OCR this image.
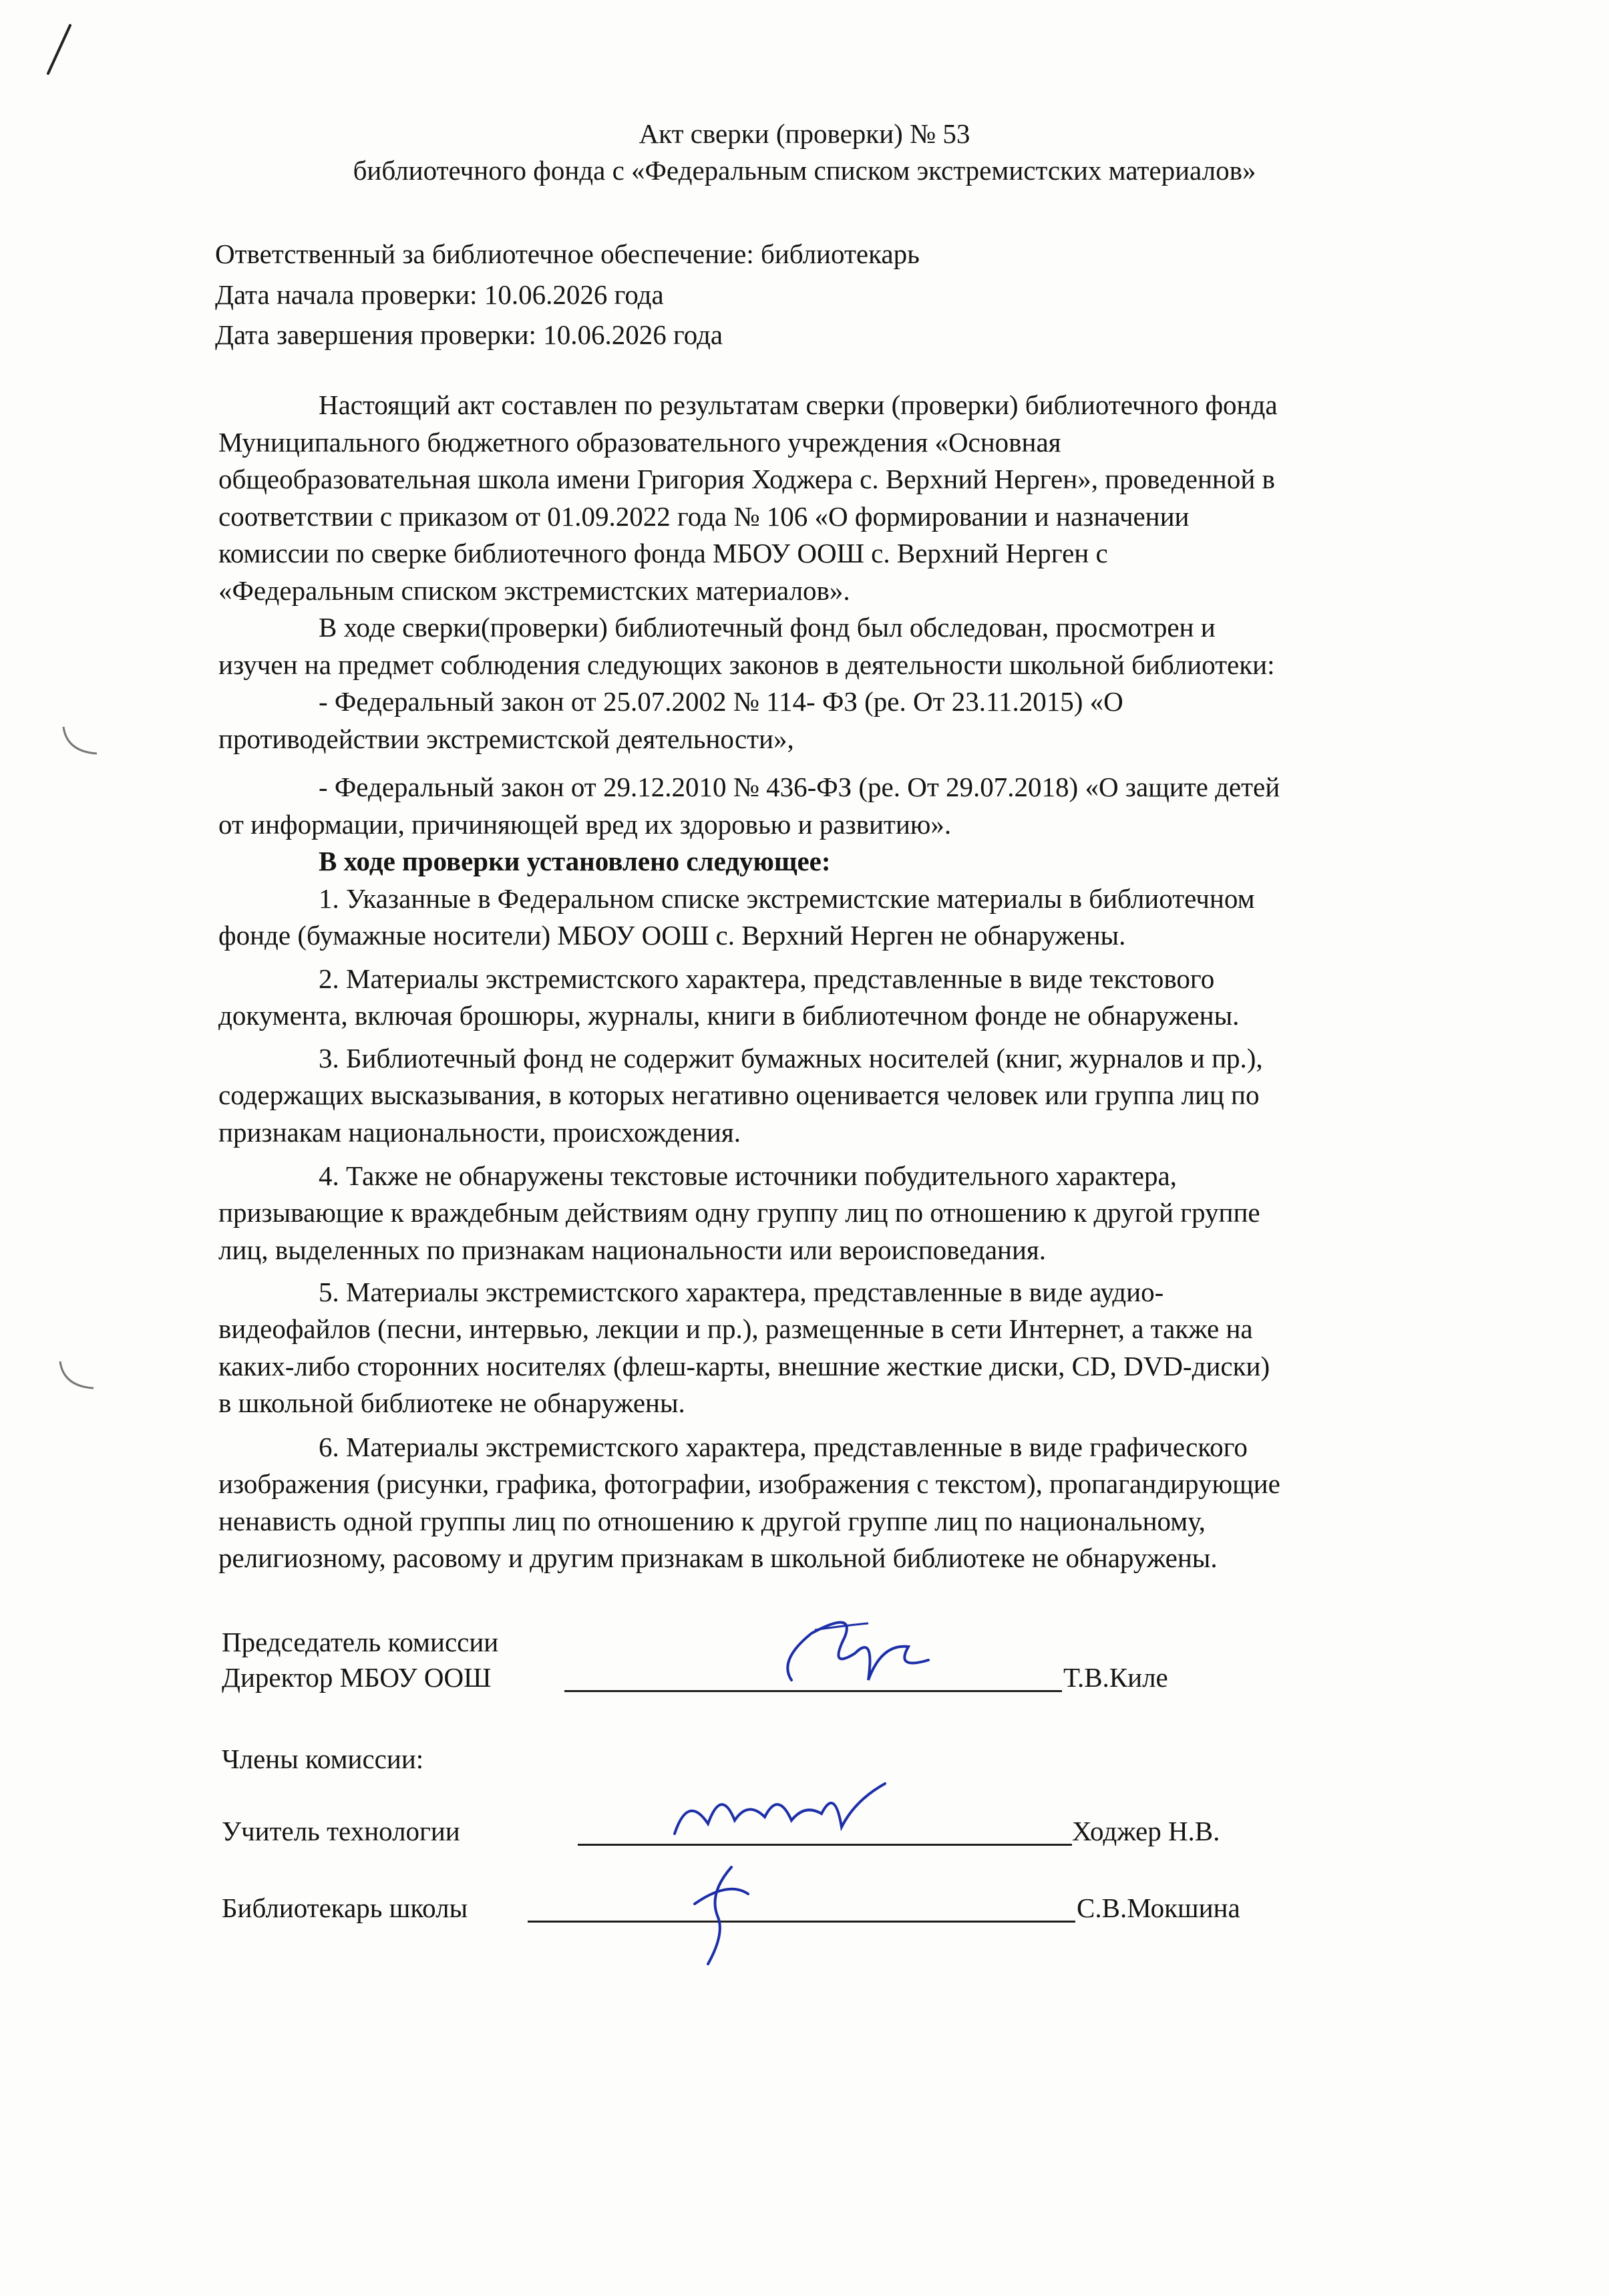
Акт сверки (проверки) № 53
библиотечного фонда с «Федеральным списком экстремистских материалов»
Ответственный за библиотечное обеспечение: библиотекарь
Дата начала проверки: 10.06.2026 года
Дата завершения проверки: 10.06.2026 года
Настоящий акт составлен по результатам сверки (проверки) библиотечного фонда
Муниципального бюджетного образовательного учреждения «Основная
общеобразовательная школа имени Григория Ходжера с. Верхний Нерген», проведенной в
соответствии с приказом от 01.09.2022 года № 106 «О формировании и назначении
комиссии по сверке библиотечного фонда МБОУ ООШ с. Верхний Нерген с
«Федеральным списком экстремистских материалов».
В ходе сверки(проверки) библиотечный фонд был обследован, просмотрен и
изучен на предмет соблюдения следующих законов в деятельности школьной библиотеки:
- Федеральный закон от 25.07.2002 № 114- ФЗ (ре. От 23.11.2015) «О
противодействии экстремистской деятельности»,
- Федеральный закон от 29.12.2010 № 436-ФЗ (ре. От 29.07.2018) «О защите детей
от информации, причиняющей вред их здоровью и развитию».
В ходе проверки установлено следующее:
1. Указанные в Федеральном списке экстремистские материалы в библиотечном
фонде (бумажные носители) МБОУ ООШ с. Верхний Нерген не обнаружены.
2. Материалы экстремистского характера, представленные в виде текстового
документа, включая брошюры, журналы, книги в библиотечном фонде не обнаружены.
3. Библиотечный фонд не содержит бумажных носителей (книг, журналов и пр.),
содержащих высказывания, в которых негативно оценивается человек или группа лиц по
признакам национальности, происхождения.
4. Также не обнаружены текстовые источники побудительного характера,
призывающие к враждебным действиям одну группу лиц по отношению к другой группе
лиц, выделенных по признакам национальности или вероисповедания.
5. Материалы экстремистского характера, представленные в виде аудио-
видеофайлов (песни, интервью, лекции и пр.), размещенные в сети Интернет, а также на
каких-либо сторонних носителях (флеш-карты, внешние жесткие диски, CD, DVD-диски)
в школьной библиотеке не обнаружены.
6. Материалы экстремистского характера, представленные в виде графического
изображения (рисунки, графика, фотографии, изображения с текстом), пропагандирующие
ненависть одной группы лиц по отношению к другой группе лиц по национальному,
религиозному, расовому и другим признакам в школьной библиотеке не обнаружены.
Председатель комиссии
Директор МБОУ ООШ	Т.В.Киле
Члены комиссии:
Учитель технологии	Ходжер Н.В.
Библиотекарь школы	С.В.Мокшина
